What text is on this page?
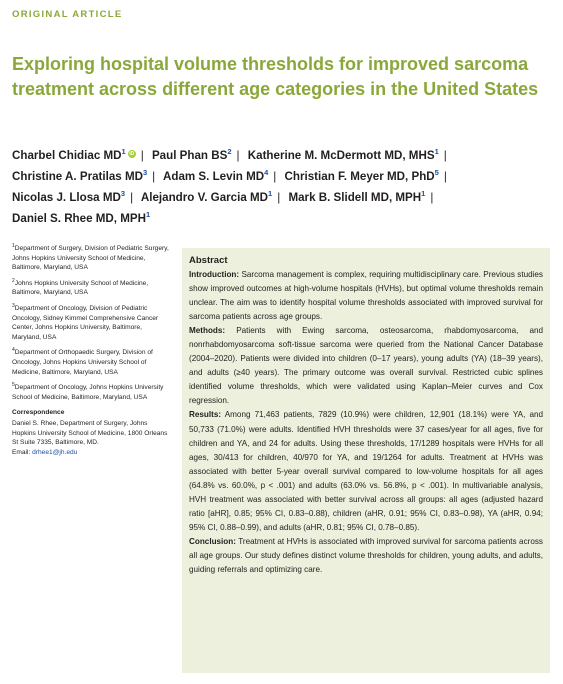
ORIGINAL ARTICLE
Exploring hospital volume thresholds for improved sarcoma treatment across different age categories in the United States
Charbel Chidiac $MD^1$ iD | Paul Phan $BS^2$ | Katherine M. McDermott MD, MHS$^1$ | Christine A. Pratilas $MD^3$ | Adam S. Levin $MD^4$ | Christian F. Meyer MD, PhD$^5$ | Nicolas J. Llosa $MD^3$ | Alejandro V. Garcia $MD^1$ | Mark B. Slidell MD, MPH$^1$ | Daniel S. Rhee MD, MPH$^1$
$^1$Department of Surgery, Division of Pediatric Surgery, Johns Hopkins University School of Medicine, Baltimore, Maryland, USA
$^2$Johns Hopkins University School of Medicine, Baltimore, Maryland, USA
$^3$Department of Oncology, Division of Pediatric Oncology, Sidney Kimmel Comprehensive Cancer Center, Johns Hopkins University, Baltimore, Maryland, USA
$^4$Department of Orthopaedic Surgery, Division of Oncology, Johns Hopkins University School of Medicine, Baltimore, Maryland, USA
$^5$Department of Oncology, Johns Hopkins University School of Medicine, Baltimore, Maryland, USA
Correspondence
Daniel S. Rhee, Department of Surgery, Johns Hopkins University School of Medicine, 1800 Orleans St Suite 7335, Baltimore, MD.
Email: drhee1@jh.edu
Abstract

Introduction: Sarcoma management is complex, requiring multidisciplinary care. Previous studies show improved outcomes at high-volume hospitals (HVHs), but optimal volume thresholds remain unclear. The aim was to identify hospital volume thresholds associated with improved survival for sarcoma patients across age groups.

Methods: Patients with Ewing sarcoma, osteosarcoma, rhabdomyosarcoma, and nonrhabdomyosarcoma soft-tissue sarcoma were queried from the National Cancer Database (2004–2020). Patients were divided into children (0–17 years), young adults (YA) (18–39 years), and adults (≥40 years). The primary outcome was overall survival. Restricted cubic splines identified volume thresholds, which were validated using Kaplan–Meier curves and Cox regression.

Results: Among 71,463 patients, 7829 (10.9%) were children, 12,901 (18.1%) were YA, and 50,733 (71.0%) were adults. Identified HVH thresholds were 37 cases/year for all ages, five for children and YA, and 24 for adults. Using these thresholds, 17/1289 hospitals were HVHs for all ages, 30/413 for children, 40/970 for YA, and 19/1264 for adults. Treatment at HVHs was associated with better 5-year overall survival compared to low-volume hospitals for all ages (64.8% vs. 60.0%, p < .001) and adults (63.0% vs. 56.8%, p < .001). In multivariable analysis, HVH treatment was associated with better survival across all groups: all ages (adjusted hazard ratio [aHR], 0.85; 95% CI, 0.83–0.88), children (aHR, 0.91; 95% CI, 0.83–0.98), YA (aHR, 0.94; 95% CI, 0.88–0.99), and adults (aHR, 0.81; 95% CI, 0.78–0.85).

Conclusion: Treatment at HVHs is associated with improved survival for sarcoma patients across all age groups. Our study defines distinct volume thresholds for children, young adults, and adults, guiding referrals and optimizing care.
